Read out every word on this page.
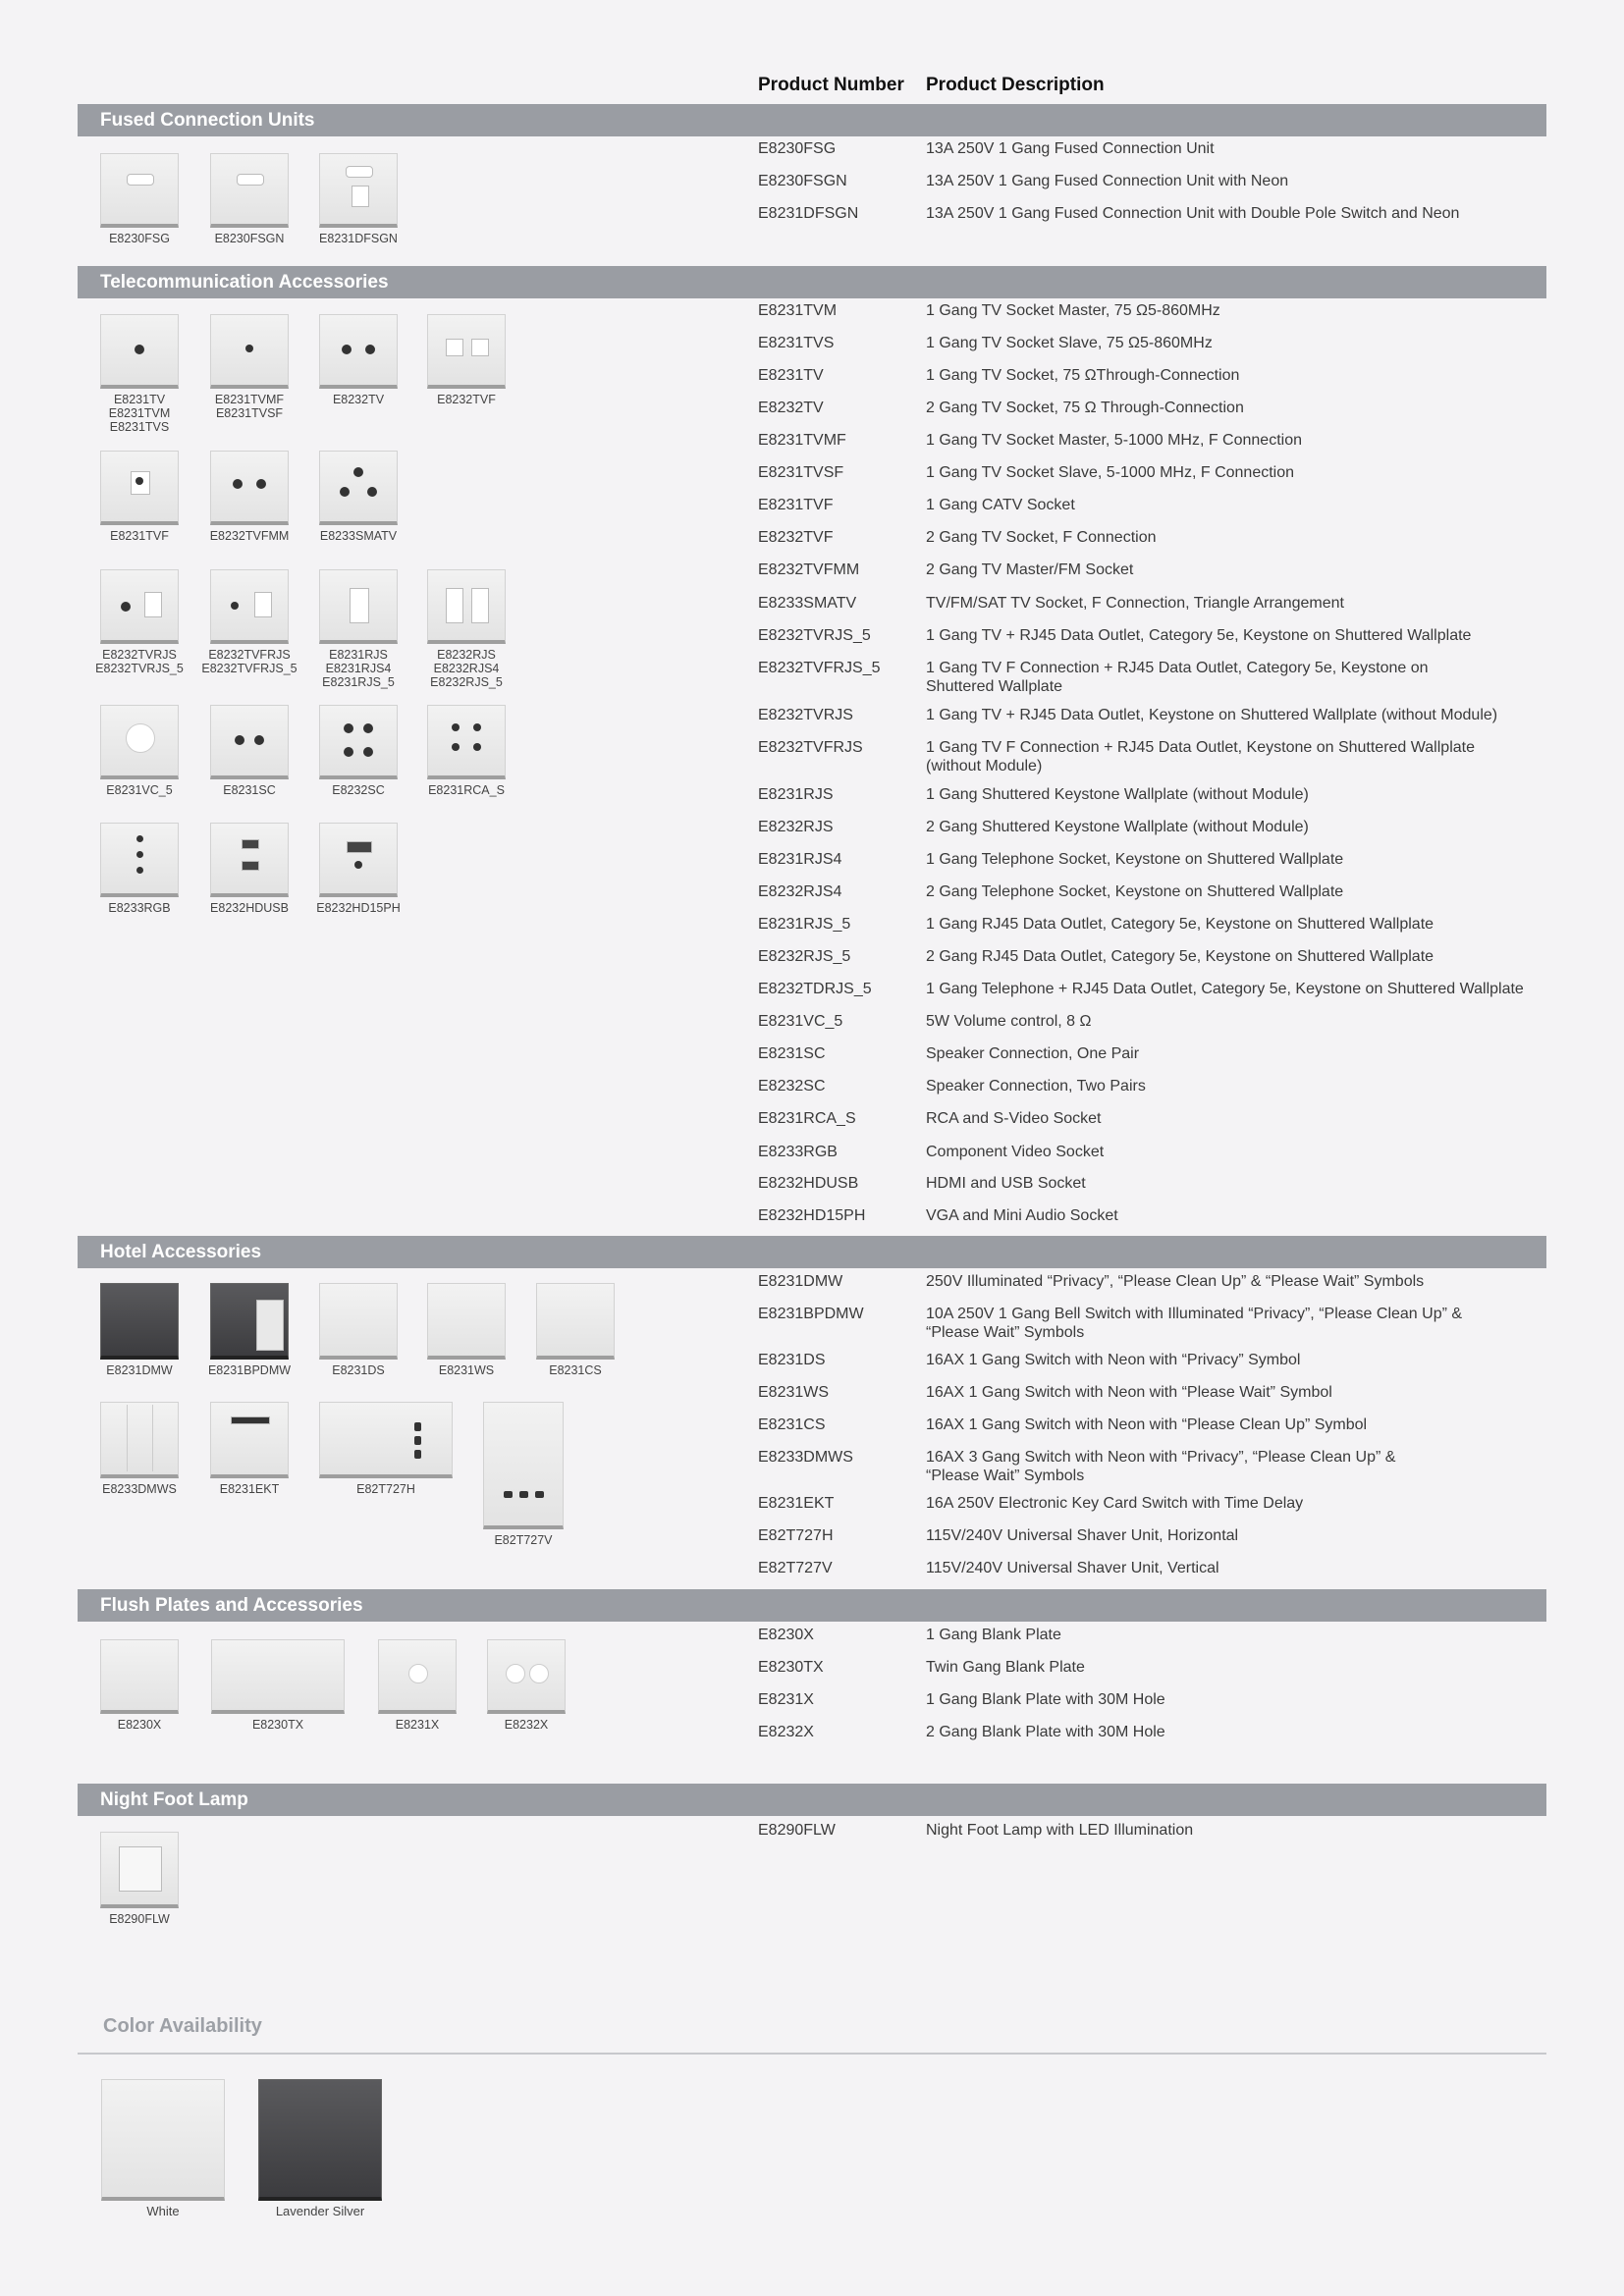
Product Number Product Description
Fused Connection Units
Telecommunication Accessories
Hotel Accessories
Flush Plates and Accessories
Night Foot Lamp
E8230FSG	13A 250V 1 Gang Fused Connection Unit
E8230FSGN	13A 250V 1 Gang Fused Connection Unit with Neon
E8231DFSGN	13A 250V 1 Gang Fused Connection Unit with Double Pole Switch and Neon
E8231TVM	1 Gang TV Socket Master, 75 Ω5-860MHz
E8231TVS	1 Gang TV Socket Slave, 75 Ω5-860MHz
E8231TV	1 Gang TV Socket, 75 ΩThrough-Connection
E8232TV	2 Gang TV Socket, 75 Ω Through-Connection
E8231TVMF	1 Gang TV Socket Master, 5-1000 MHz, F Connection
E8231TVSF	1 Gang TV Socket Slave, 5-1000 MHz, F Connection
E8231TVF	1 Gang CATV Socket
E8232TVF	2 Gang TV Socket, F Connection
E8232TVFMM	2 Gang TV Master/FM Socket
E8233SMATV	TV/FM/SAT TV Socket, F Connection, Triangle Arrangement
E8232TVRJS_5	1 Gang TV + RJ45 Data Outlet, Category 5e, Keystone on Shuttered Wallplate
E8232TVFRJS_5	1 Gang TV F Connection + RJ45 Data Outlet, Category 5e, Keystone on
Shuttered Wallplate
E8232TVRJS	1 Gang TV + RJ45 Data Outlet, Keystone on Shuttered Wallplate (without Module)
E8232TVFRJS	1 Gang TV F Connection + RJ45 Data Outlet, Keystone on Shuttered Wallplate
(without Module)
E8231RJS	1 Gang Shuttered Keystone Wallplate (without Module)
E8232RJS	2 Gang Shuttered Keystone Wallplate (without Module)
E8231RJS4	1 Gang Telephone Socket, Keystone on Shuttered Wallplate
E8232RJS4	2 Gang Telephone Socket, Keystone on Shuttered Wallplate
E8231RJS_5	1 Gang RJ45 Data Outlet, Category 5e, Keystone on Shuttered Wallplate
E8232RJS_5	2 Gang RJ45 Data Outlet, Category 5e, Keystone on Shuttered Wallplate
E8232TDRJS_5	1 Gang Telephone + RJ45 Data Outlet, Category 5e, Keystone on Shuttered Wallplate
E8231VC_5	5W Volume control, 8 Ω
E8231SC	Speaker Connection, One Pair
E8232SC	Speaker Connection, Two Pairs
E8231RCA_S	RCA and S-Video Socket
E8233RGB	Component Video Socket
E8232HDUSB	HDMI and USB Socket
E8232HD15PH	VGA and Mini Audio Socket
E8231DMW	250V Illuminated “Privacy”, “Please Clean Up” & “Please Wait” Symbols
E8231BPDMW	10A 250V 1 Gang Bell Switch with Illuminated “Privacy”, “Please Clean Up” &
“Please Wait” Symbols
E8231DS	16AX 1 Gang Switch with Neon with “Privacy” Symbol
E8231WS	16AX 1 Gang Switch with Neon with “Please Wait” Symbol
E8231CS	16AX 1 Gang Switch with Neon with “Please Clean Up” Symbol
E8233DMWS	16AX 3 Gang Switch with Neon with “Privacy”, “Please Clean Up” &
“Please Wait” Symbols
E8231EKT	16A 250V Electronic Key Card Switch with Time Delay
E82T727H	115V/240V Universal Shaver Unit, Horizontal
E82T727V	115V/240V Universal Shaver Unit, Vertical
E8230X	1 Gang Blank Plate
E8230TX	Twin Gang Blank Plate
E8231X	1 Gang Blank Plate with 30M Hole
E8232X	2 Gang Blank Plate with 30M Hole
E8290FLW	Night Foot Lamp with LED Illumination
E8230FSG	E8230FSGN	E8231DFSGN
E8231TV
E8231TVM
E8231TVS
E8231TVMF
E8231TVSF
E8232TV	E8232TVF
E8231TVF	E8232TVFMM	E8233SMATV
E8232TVRJS
E8232TVRJS_5
E8232TVFRJS
E8232TVFRJS_5
E8231RJS
E8231RJS4
E8231RJS_5
E8232RJS
E8232RJS4
E8232RJS_5
E8231VC_5	E8231SC	E8232SC	E8231RCA_S
E8233RGB	E8232HDUSB	E8232HD15PH
E8231DMW	E8231BPDMW	E8231DS	E8231WS	E8231CS
E8233DMWS	E8231EKT	E82T727H
E82T727V
E8230X	E8230TX	E8231X	E8232X
E8290FLW
Color Availability
White	Lavender Silver
